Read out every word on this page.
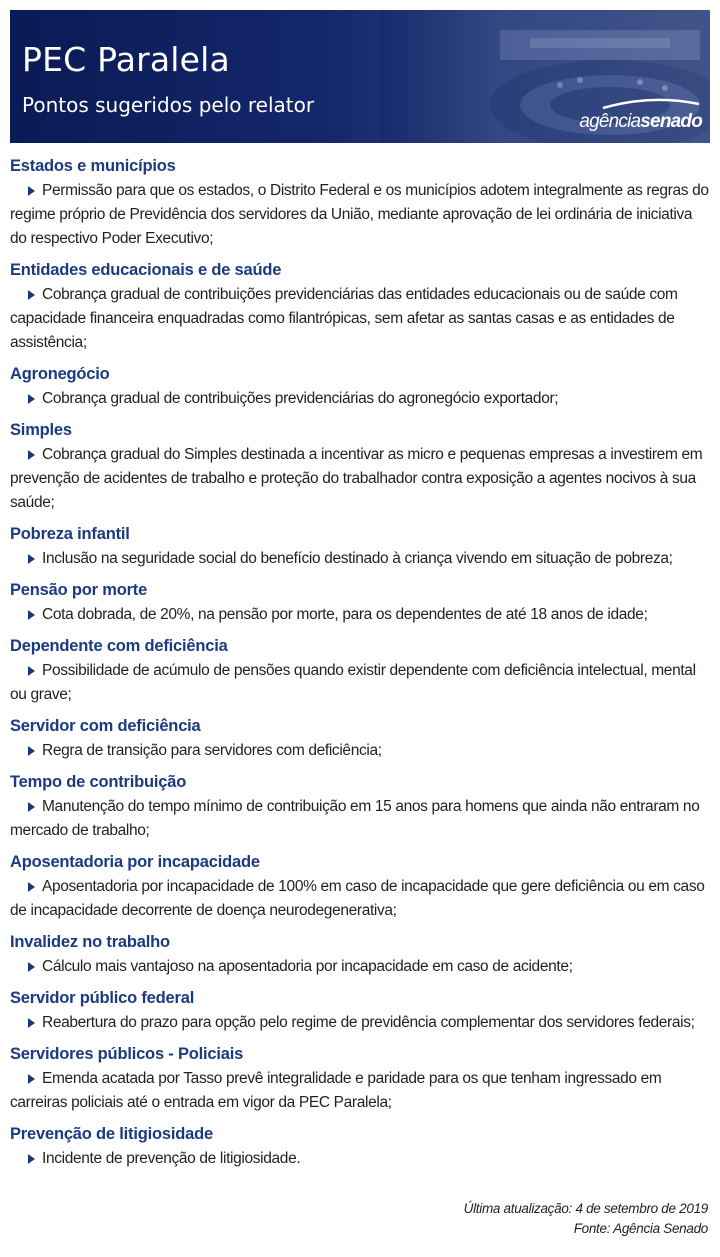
PEC Paralela
Pontos sugeridos pelo relator
agência senado
Estados e municípios

Permissão para que os estados, o Distrito Federal e os municípios adotem integralmente as regras do regime próprio de Previdência dos servidores da União, mediante aprovação de lei ordinária de iniciativa do respectivo Poder Executivo;

Entidades educacionais e de saúde

Cobrança gradual de contribuições previdenciárias das entidades educacionais ou de saúde com capacidade financeira enquadradas como filantrópicas, sem afetar as santas casas e as entidades de assistência;

Agronegócio

Cobrança gradual de contribuições previdenciárias do agronegócio exportador;

Simples

Cobrança gradual do Simples destinada a incentivar as micro e pequenas empresas a investirem em prevenção de acidentes de trabalho e proteção do trabalhador contra exposição a agentes nocivos à sua saúde;

Pobreza infantil

Inclusão na seguridade social do benefício destinado à criança vivendo em situação de pobreza;

Pensão por morte

Cota dobrada, de 20%, na pensão por morte, para os dependentes de até 18 anos de idade;

Dependente com deficiência

Possibilidade de acúmulo de pensões quando existir dependente com deficiência intelectual, mental ou grave;

Servidor com deficiência

Regra de transição para servidores com deficiência;

Tempo de contribuição

Manutenção do tempo mínimo de contribuição em 15 anos para homens que ainda não entraram no mercado de trabalho;

Aposentadoria por incapacidade

Aposentadoria por incapacidade de 100% em caso de incapacidade que gere deficiência ou em caso de incapacidade decorrente de doença neurodegenerativa;

Invalidez no trabalho

Cálculo mais vantajoso na aposentadoria por incapacidade em caso de acidente;

Servidor público federal

Reabertura do prazo para opção pelo regime de previdência complementar dos servidores federais;

Servidores públicos - Policiais

Emenda acatada por Tasso prevê integralidade e paridade para os que tenham ingressado em carreiras policiais até o entrada em vigor da PEC Paralela;

Prevenção de litigiosidade

Incidente de prevenção de litigiosidade.

Última atualização: 4 de setembro de 2019
Fonte: Agência Senado
